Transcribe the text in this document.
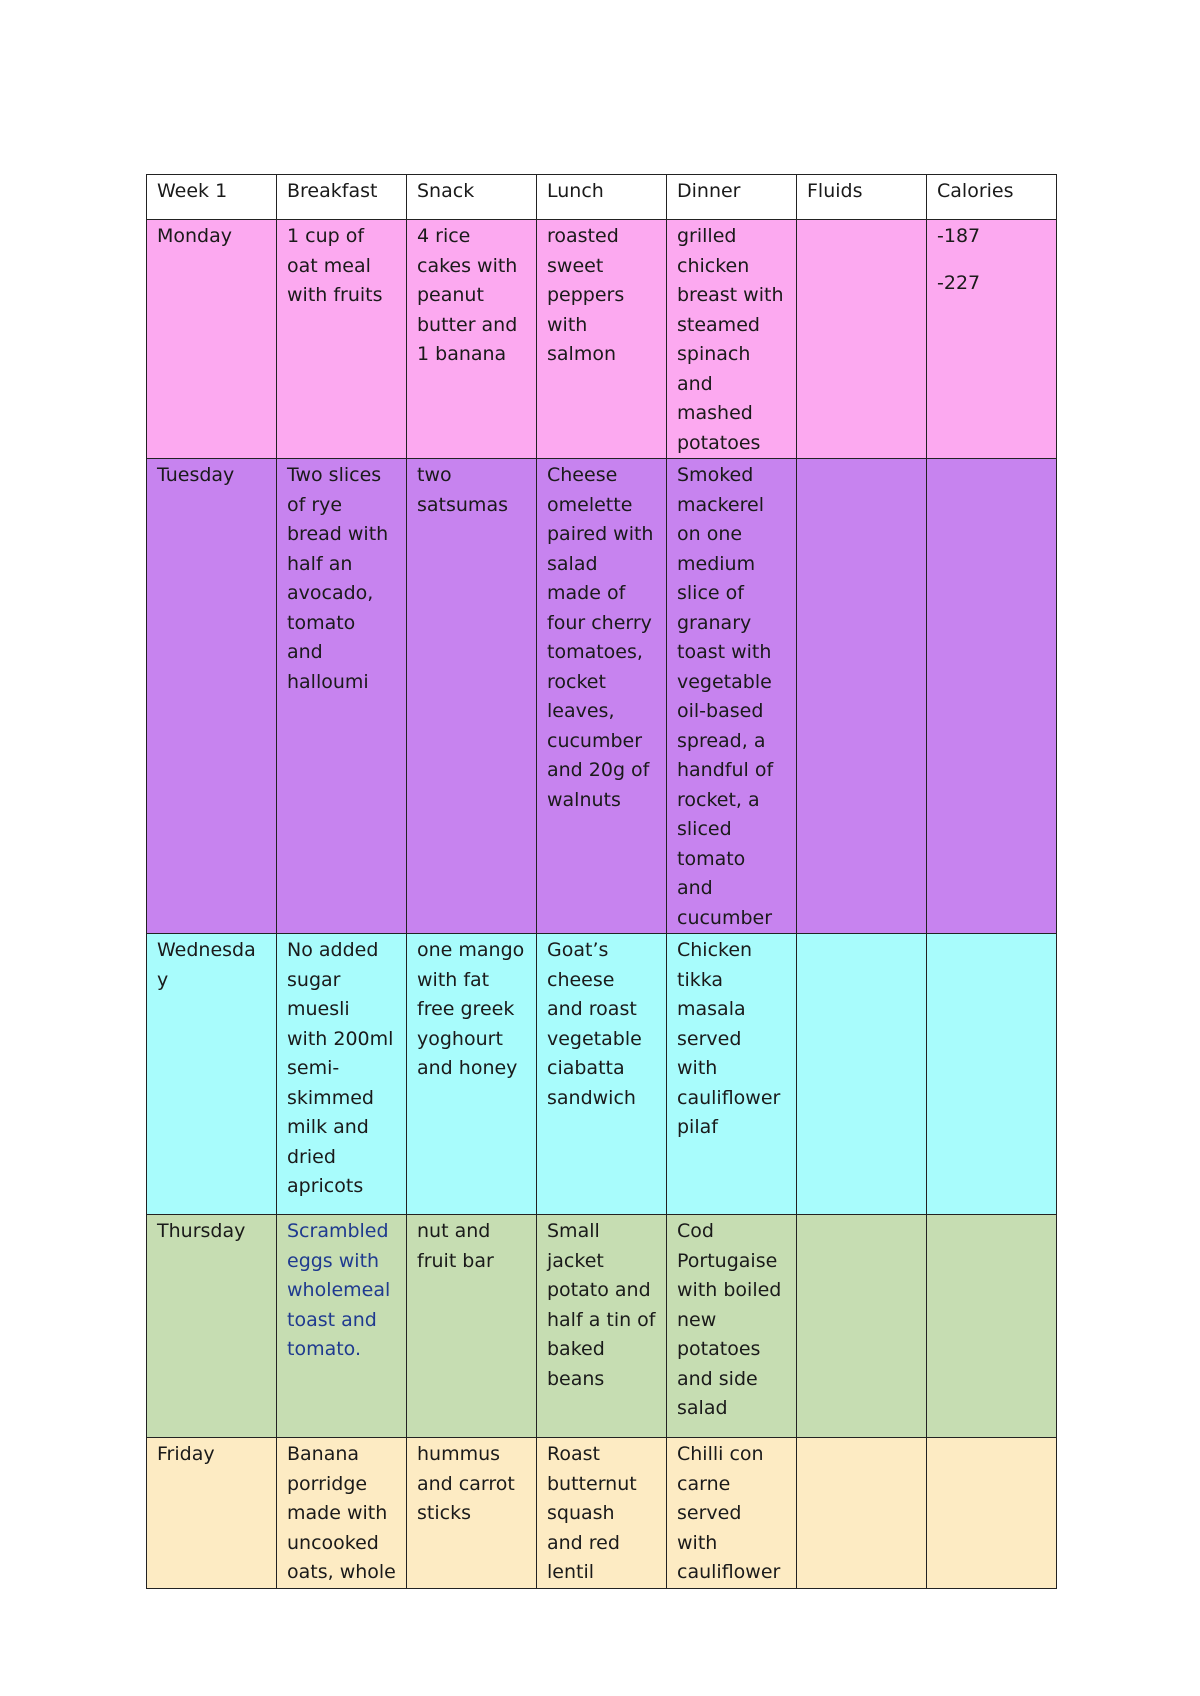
Week 1	Breakfast	Snack	Lunch	Dinner	Fluids	Calories
Monday	1 cup of oat meal with fruits	4 rice cakes with peanut butter and 1 banana	roasted sweet peppers with salmon	grilled chicken breast with steamed spinach and mashed potatoes		-187
-227

Tuesday	Two slices of rye bread with half an avocado, tomato and halloumi	two satsumas	Cheese omelette paired with salad made of four cherry tomatoes, rocket leaves, cucumber and 20g of walnuts	Smoked mackerel on one medium slice of granary toast with vegetable oil-based spread, a handful of rocket, a sliced tomato and cucumber		
Wednesday	No added sugar muesli with 200ml semi-skimmed milk and dried apricots	one mango with fat free greek yoghourt and honey	Goat’s cheese and roast vegetable ciabatta sandwich	Chicken tikka masala served with cauliflower pilaf		
Thursday	Scrambled eggs with wholemeal toast and tomato.	nut and fruit bar	Small jacket potato and half a tin of baked beans	Cod Portugaise with boiled new potatoes and side salad		
Friday	Banana porridge made with uncooked oats, whole	hummus and carrot sticks	Roast butternut squash and red lentil	Chilli con carne served with cauliflower		
